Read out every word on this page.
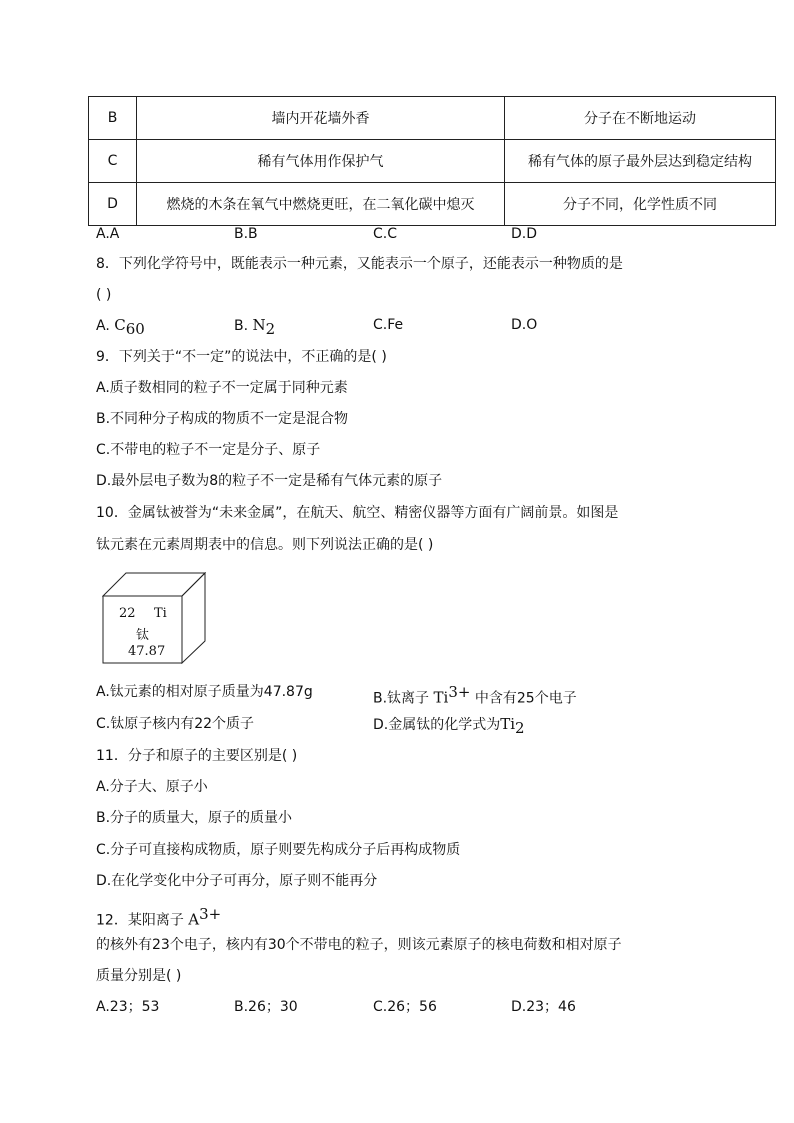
B	墙内开花墙外香	分子在不断地运动
C	稀有气体用作保护气	稀有气体的原子最外层达到稳定结构
D	燃烧的木条在氧气中燃烧更旺，在二氧化碳中熄灭	分子不同，化学性质不同
A.A	B.B	C.C	D.D
8．下列化学符号中，既能表示一种元素，又能表示一个原子，还能表示一种物质的是
( )
A. $C_{60}$	B. $N_2$	C.Fe	D.O
9．下列关于“不一定”的说法中，不正确的是( )
A.质子数相同的粒子不一定属于同种元素
B.不同种分子构成的物质不一定是混合物
C.不带电的粒子不一定是分子、原子
D.最外层电子数为8的粒子不一定是稀有气体元素的原子
10．金属钛被誉为“未来金属”，在航天、航空、精密仪器等方面有广阔前景。如图是
钛元素在元素周期表中的信息。则下列说法正确的是( )
22 Ti
钛
47.87
A.钛元素的相对原子质量为47.87g	B.钛离子 $Ti^{3+}$ 中含有25个电子
C.钛原子核内有22个质子	D.金属钛的化学式为$Ti_2$
11．分子和原子的主要区别是( )
A.分子大、原子小
B.分子的质量大，原子的质量小
C.分子可直接构成物质，原子则要先构成分子后再构成物质
D.在化学变化中分子可再分，原子则不能再分
12．某阳离子 $A^{3+}$
的核外有23个电子，核内有30个不带电的粒子，则该元素原子的核电荷数和相对原子
质量分别是( )
A.23；53	B.26；30	C.26；56	D.23；46
